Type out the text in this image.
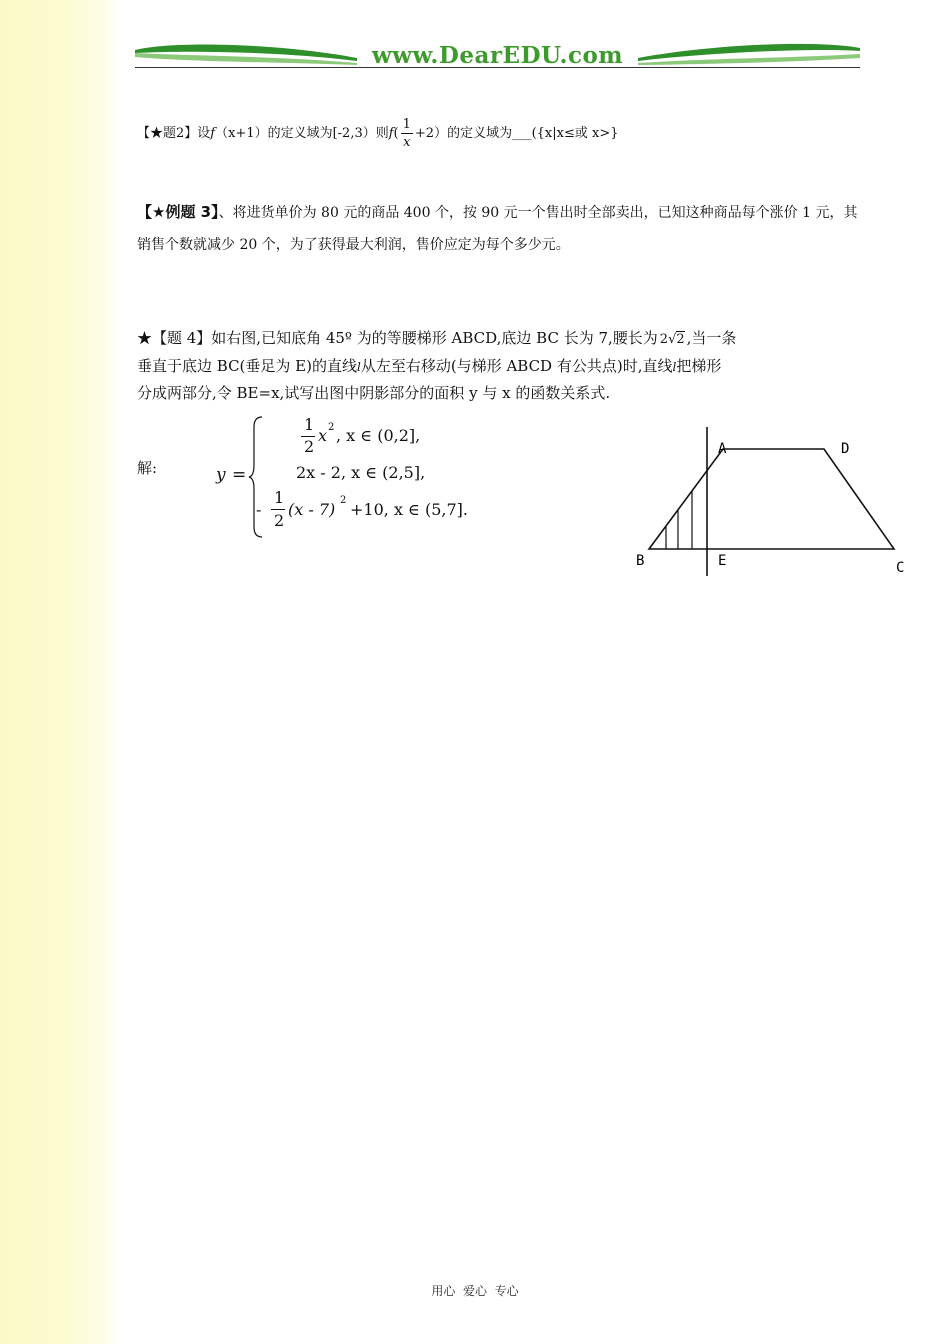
www.DearEDU.com
【★题2】设f（x+1）的定义域为[-2,3）则$f( \frac{1}{x} +2)$的定义域为___({x|x≤或 x>}
【★例题 3】、将进货单价为 80 元的商品 400 个，按 90 元一个售出时全部卖出，已知这种商品每个涨价 1 元，其销售个数就减少 20 个，为了获得最大利润，售价应定为每个多少元。
★【题 4】如右图,已知底角 45º 为的等腰梯形 ABCD,底边 BC 长为 7,腰长为 2√2 ,当一条
垂直于底边 BC(垂足为 E)的直线l从左至右移动(与梯形 ABCD 有公共点)时,直线l把梯形
分成两部分,令 BE=x,试写出图中阴影部分的面积 y 与 x 的函数关系式.
解:	y =
1
2
x 2 , x ∈ (0,2],
2x - 2, x ∈ (2,5],
-
1
2
(x - 7) 2 +10, x ∈ (5,7].
A	D
B	E	C
用心  爱心  专心
